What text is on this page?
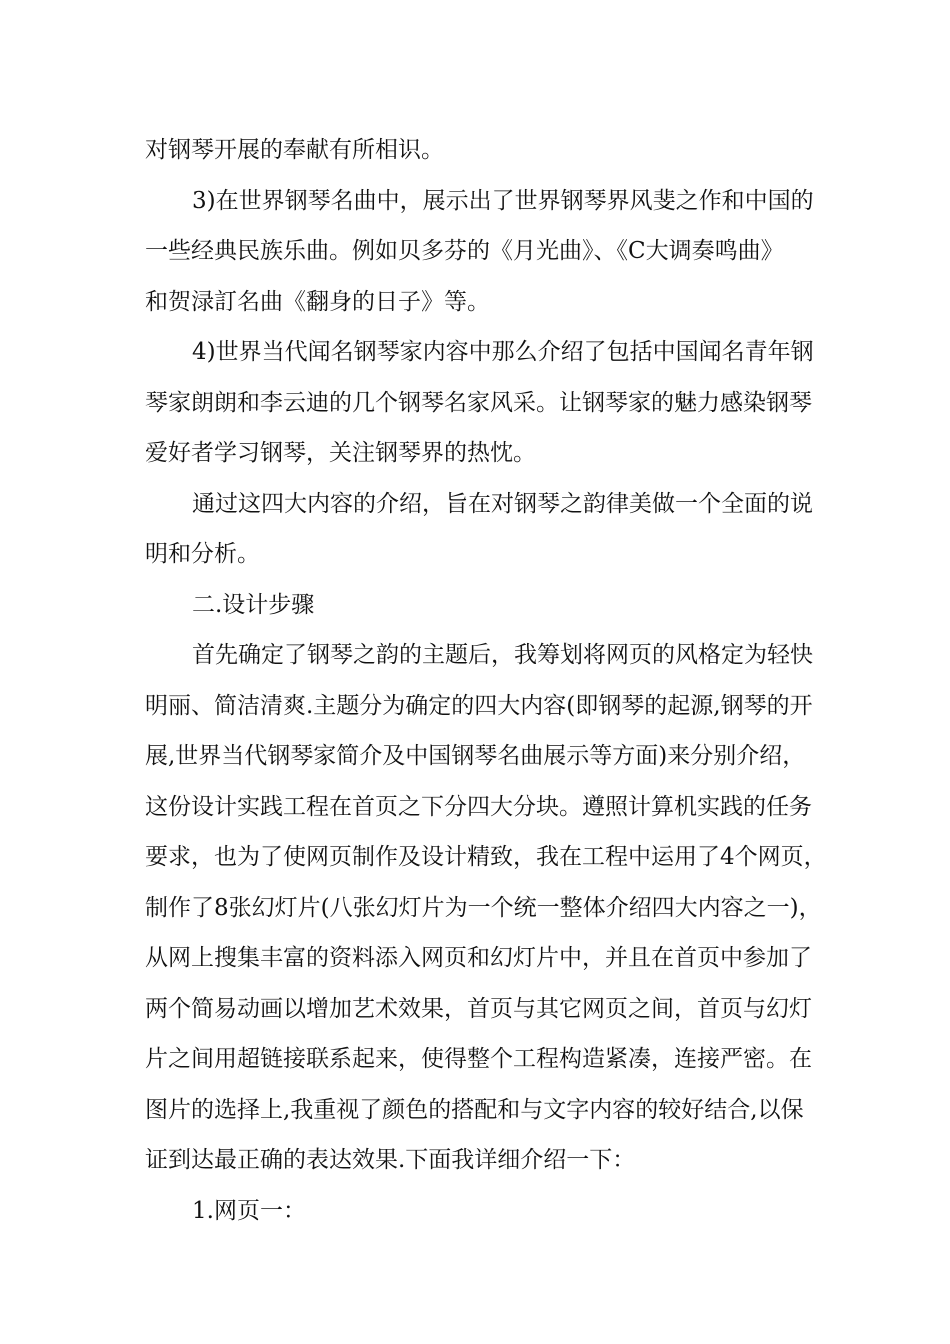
对钢琴开展的奉献有所相识。
3)在世界钢琴名曲中，展示出了世界钢琴界风斐之作和中国的
一些经典民族乐曲。例如贝多芬的《月光曲》、《C大调奏鸣曲》
和贺渌訂名曲《翻身的日子》等。
4)世界当代闻名钢琴家内容中那么介绍了包括中国闻名青年钢
琴家朗朗和李云迪的几个钢琴名家风采。让钢琴家的魅力感染钢琴
爱好者学习钢琴，关注钢琴界的热忱。
通过这四大内容的介绍，旨在对钢琴之韵律美做一个全面的说
明和分析。
二.设计步骤
首先确定了钢琴之韵的主题后，我筹划将网页的风格定为轻快
明丽、简洁清爽.主题分为确定的四大内容(即钢琴的起源,钢琴的开
展,世界当代钢琴家简介及中国钢琴名曲展示等方面)来分别介绍，
这份设计实践工程在首页之下分四大分块。遵照计算机实践的任务
要求，也为了使网页制作及设计精致，我在工程中运用了4个网页，
制作了8张幻灯片(八张幻灯片为一个统一整体介绍四大内容之一)，
从网上搜集丰富的资料添入网页和幻灯片中，并且在首页中参加了
两个简易动画以增加艺术效果，首页与其它网页之间，首页与幻灯
片之间用超链接联系起来，使得整个工程构造紧凑，连接严密。在
图片的选择上,我重视了颜色的搭配和与文字内容的较好结合,以保
证到达最正确的表达效果.下面我详细介绍一下：
1.网页一：
